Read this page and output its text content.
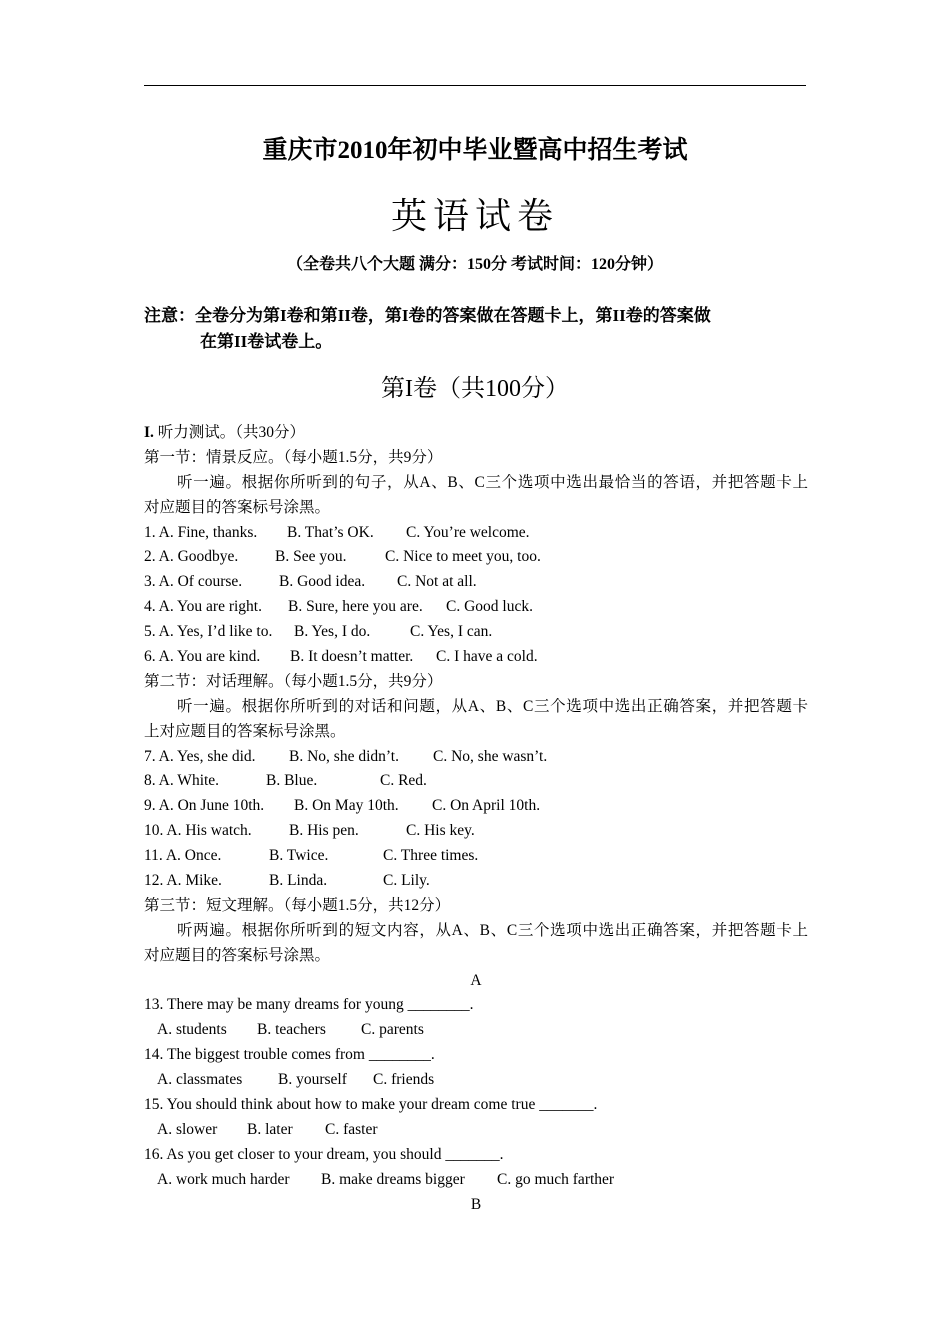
重庆市2010年初中毕业暨高中招生考试
英语试卷
（全卷共八个大题 满分：150分 考试时间：120分钟）
注意：全卷分为第I卷和第II卷，第I卷的答案做在答题卡上，第II卷的答案做
在第II卷试卷上。
第I卷（共100分）
I. 听力测试。（共30分）
第一节：情景反应。（每小题1.5分，共9分）
听一遍。根据你所听到的句子，从A、B、C三个选项中选出最恰当的答语，并把答题卡上
对应题目的答案标号涂黑。
1. A. Fine, thanks. B. That’s OK. C. You’re welcome.
2. A. Goodbye. B. See you. C. Nice to meet you, too.
3. A. Of course. B. Good idea. C. Not at all.
4. A. You are right. B. Sure, here you are. C. Good luck.
5. A. Yes, I’d like to. B. Yes, I do.	C. Yes, I can.
6. A. You are kind. B. It doesn’t matter. C. I have a cold.
第二节：对话理解。（每小题1.5分，共9分）
听一遍。根据你所听到的对话和问题，从A、B、C三个选项中选出正确答案，并把答题卡
上对应题目的答案标号涂黑。
7. A. Yes, she did. B. No, she didn’t. C. No, she wasn’t.
8. A. White.	B. Blue.	C. Red.
9. A. On June 10th. B. On May 10th. C. On April 10th.
10. A. His watch. B. His pen.	C. His key.
11. A. Once.	B. Twice.	C. Three times.
12. A. Mike.	B. Linda.	C. Lily.
第三节：短文理解。（每小题1.5分，共12分）
听两遍。根据你所听到的短文内容，从A、B、C三个选项中选出正确答案，并把答题卡上
对应题目的答案标号涂黑。
A
13. There may be many dreams for young ________.
A. students B. teachers C. parents
14. The biggest trouble comes from ________.
A. classmates B. yourself C. friends
15. You should think about how to make your dream come true _______.
A. slower B. later C. faster
16. As you get closer to your dream, you should _______.
A. work much harder B. make dreams bigger C. go much farther
B
